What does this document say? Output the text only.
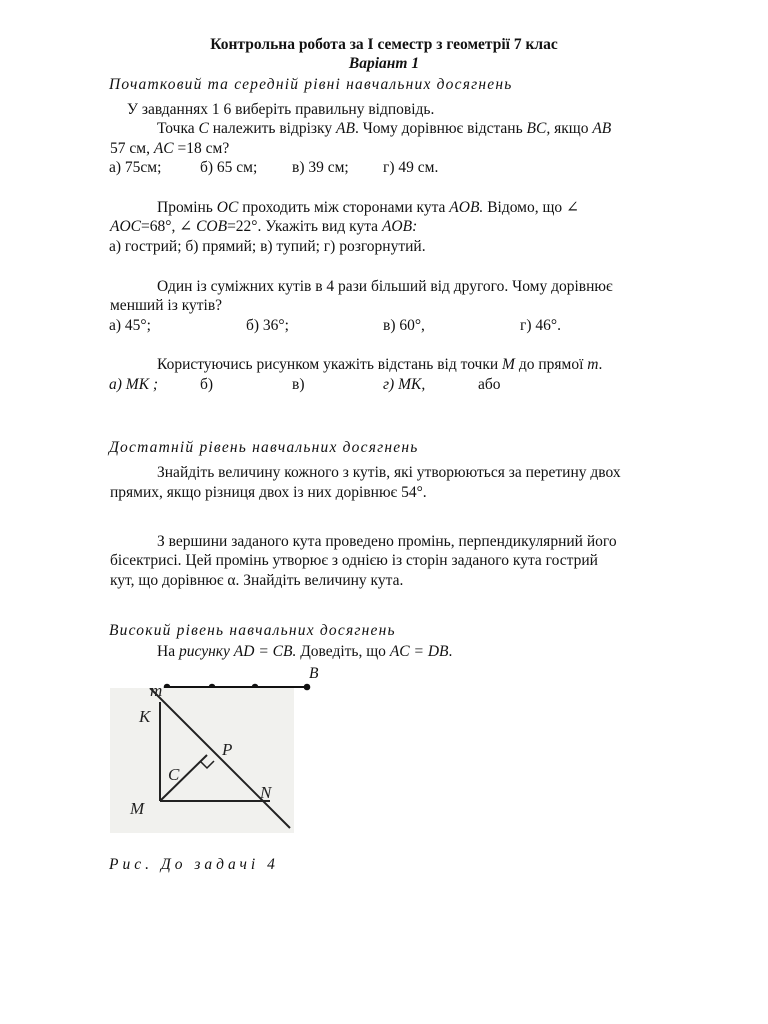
Контрольна робота за І семестр з геометрії 7 клас
Варіант 1
Початковий та середній рівні навчальних досягнень
У завданнях 1 6 виберіть правильну відповідь.
Точка C належить відрізку AB. Чому дорівнює відстань BC, якщо AB
57 см, AC =18 см?
а) 75см; б) 65 см; в) 39 см; г) 49 см.
Промінь OC проходить між сторонами кута AOB. Відомо, що ∠
AOC=68°, ∠ COB=22°. Укажіть вид кута AOB:
а) гострий; б) прямий; в) тупий; г) розгорнутий.
Один із суміжних кутів в 4 рази більший від другого. Чому дорівнює
менший із кутів?
а) 45°;	б) 36°;	в) 60°,	г) 46°.
Користуючись рисунком укажіть відстань від точки M до прямої m.
а) MK ;	б)	в)	г) MK,	або
Достатній рівень навчальних досягнень
Знайдіть величину кожного з кутів, які утворюються за перетину двох
прямих, якщо різниця двох із них дорівнює 54°.
З вершини заданого кута проведено промінь, перпендикулярний його
бісектрисі. Цей промінь утворює з однією із сторін заданого кута гострий
кут, що дорівнює α. Знайдіть величину кута.
Високий рівень навчальних досягнень
На рисунку AD = CB. Доведіть, що AC = DB.
B
m
K
P
C
M
N
Рис. До задачі 4
